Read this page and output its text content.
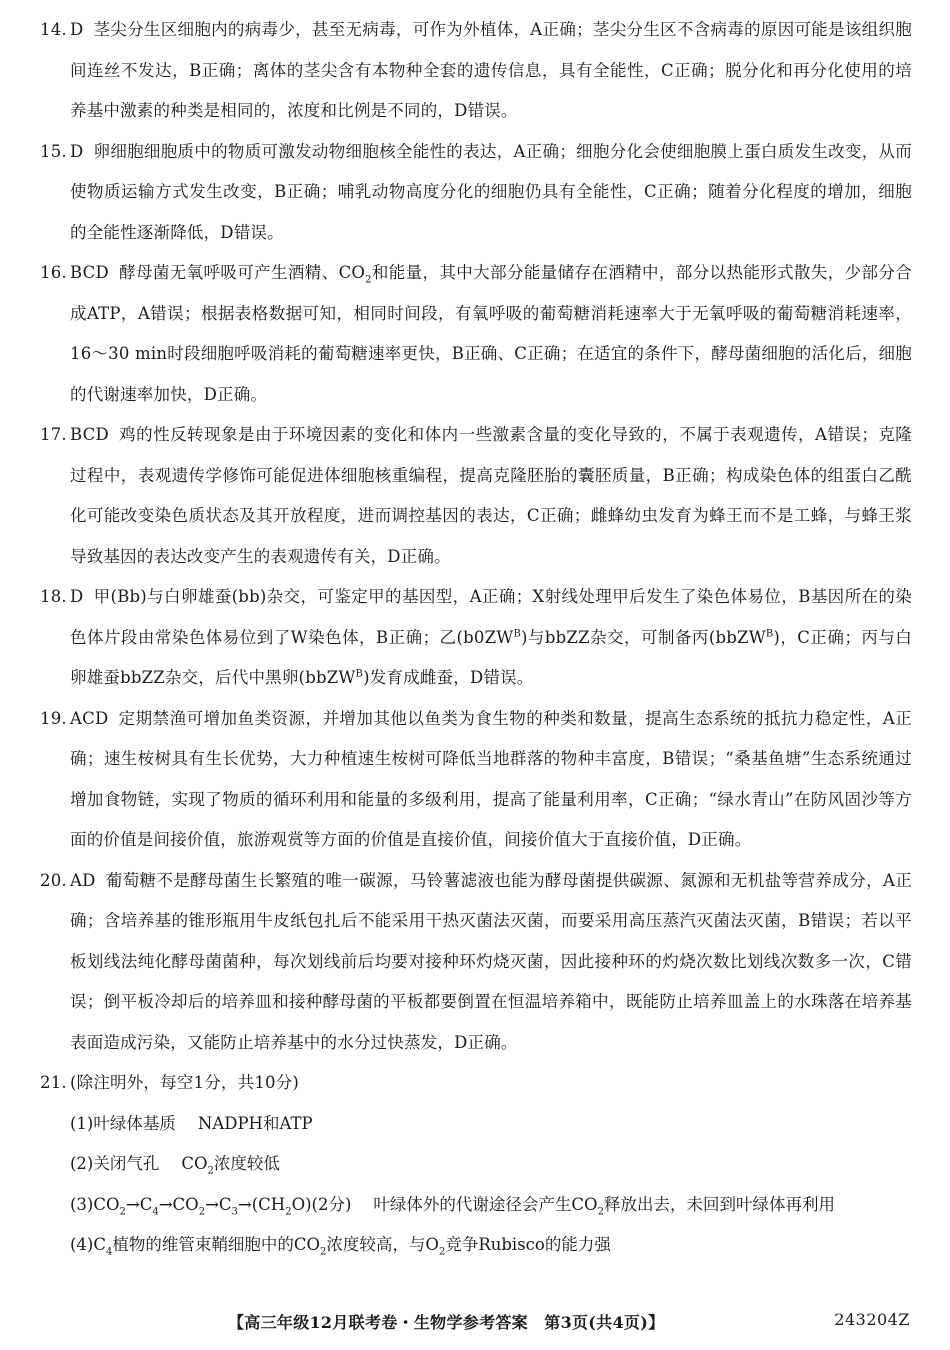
14. D 茎尖分生区细胞内的病毒少，甚至无病毒，可作为外植体，A正确；茎尖分生区不含病毒的原因可能是该组织胞间连丝不发达，B正确；离体的茎尖含有本物种全套的遗传信息，具有全能性，C正确；脱分化和再分化使用的培养基中激素的种类是相同的，浓度和比例是不同的，D错误。
15. D 卵细胞细胞质中的物质可激发动物细胞核全能性的表达，A正确；细胞分化会使细胞膜上蛋白质发生改变，从而使物质运输方式发生改变，B正确；哺乳动物高度分化的细胞仍具有全能性，C正确；随着分化程度的增加，细胞的全能性逐渐降低，D错误。
16. BCD 酵母菌无氧呼吸可产生酒精、$CO_2$和能量，其中大部分能量储存在酒精中，部分以热能形式散失，少部分合成ATP，A错误；根据表格数据可知，相同时间段，有氧呼吸的葡萄糖消耗速率大于无氧呼吸的葡萄糖消耗速率，16～30 min时段细胞呼吸消耗的葡萄糖速率更快，B正确、C正确；在适宜的条件下，酵母菌细胞的活化后，细胞的代谢速率加快，D正确。
17. BCD 鸡的性反转现象是由于环境因素的变化和体内一些激素含量的变化导致的，不属于表观遗传，A错误；克隆过程中，表观遗传学修饰可能促进体细胞核重编程，提高克隆胚胎的囊胚质量，B正确；构成染色体的组蛋白乙酰化可能改变染色质状态及其开放程度，进而调控基因的表达，C正确；雌蜂幼虫发育为蜂王而不是工蜂，与蜂王浆导致基因的表达改变产生的表观遗传有关，D正确。
18. D 甲(Bb)与白卵雄蚕(bb)杂交，可鉴定甲的基因型，A正确；X射线处理甲后发生了染色体易位，B基因所在的染色体片段由常染色体易位到了W染色体，B正确；乙$(b0ZW^B)$与bbZZ杂交，可制备丙(bbZW$^B$)，C正确；丙与白卵雄蚕bbZZ杂交，后代中黑卵(bbZW$^B$)发育成雌蚕，D错误。
19. ACD 定期禁渔可增加鱼类资源，并增加其他以鱼类为食生物的种类和数量，提高生态系统的抵抗力稳定性，A正确；速生桉树具有生长优势，大力种植速生桉树可降低当地群落的物种丰富度，B错误；“桑基鱼塘”生态系统通过增加食物链，实现了物质的循环利用和能量的多级利用，提高了能量利用率，C正确；“绿水青山”在防风固沙等方面的价值是间接价值，旅游观赏等方面的价值是直接价值，间接价值大于直接价值，D正确。
20. AD 葡萄糖不是酵母菌生长繁殖的唯一碳源，马铃薯滤液也能为酵母菌提供碳源、氮源和无机盐等营养成分，A正确；含培养基的锥形瓶用牛皮纸包扎后不能采用干热灭菌法灭菌，而要采用高压蒸汽灭菌法灭菌，B错误；若以平板划线法纯化酵母菌菌种，每次划线前后均要对接种环灼烧灭菌，因此接种环的灼烧次数比划线次数多一次，C错误；倒平板冷却后的培养皿和接种酵母菌的平板都要倒置在恒温培养箱中，既能防止培养皿盖上的水珠落在培养基表面造成污染，又能防止培养基中的水分过快蒸发，D正确。
21. (除注明外，每空1分，共10分)
(1)叶绿体基质 NADPH和ATP
(2)关闭气孔 $CO_2$浓度较低
$(3)CO_2\to C_4\to CO_2\to C_3\to(CH_2O)(2$分) 叶绿体外的代谢途径会产生$CO_2$释放出去，未回到叶绿体再利用
$(4)C_4$植物的维管束鞘细胞中的$CO_2$浓度较高，与$O_2$竞争Rubisco的能力强
【高三年级12月联考卷・生物学参考答案　第3页(共4页)】	243204Z
